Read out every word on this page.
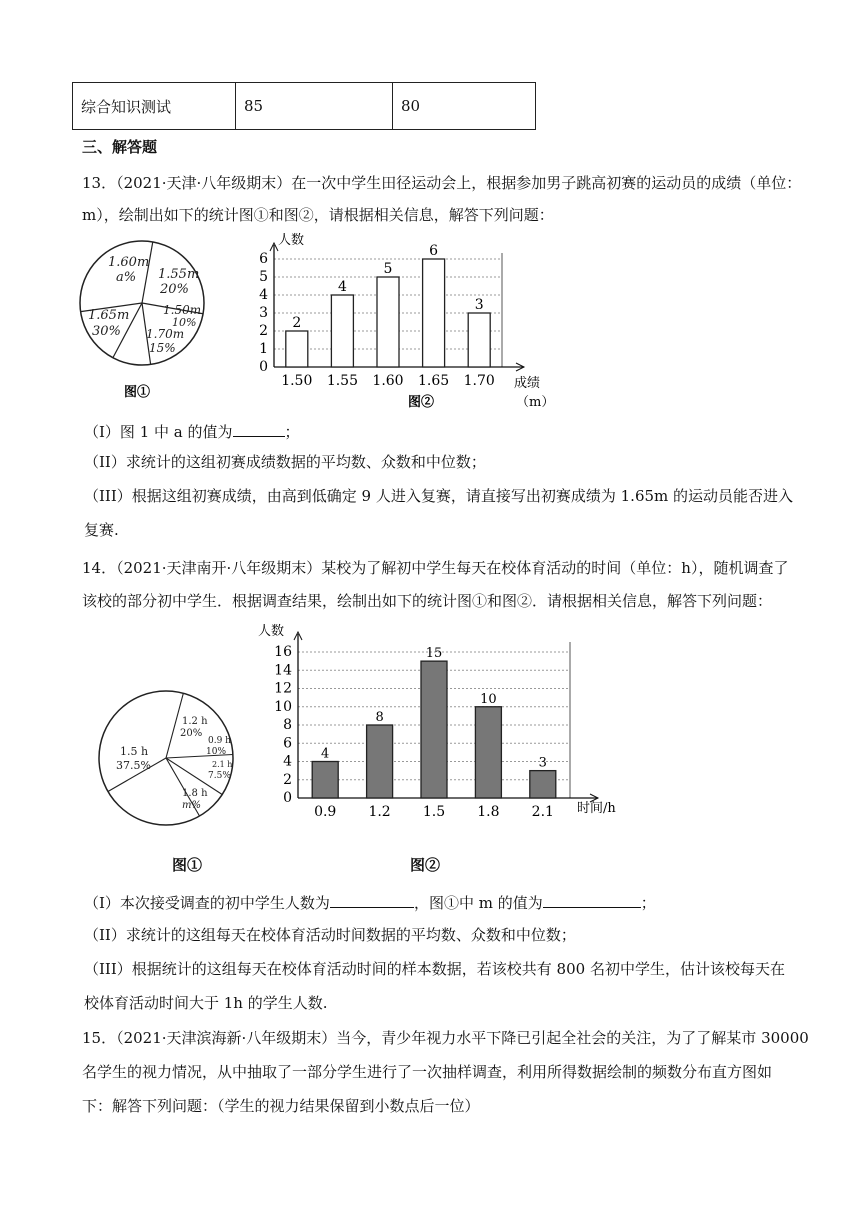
综合知识测试	85	80
三、解答题
13．（2021·天津·八年级期末）在一次中学生田径运动会上，根据参加男子跳高初赛的运动员的成绩（单位：
m），绘制出如下的统计图①和图②，请根据相关信息，解答下列问题：
1.60m
a% 1.55m
20%
1.50m
10%
1.70m
15%
1.65m
30%
图①
0
1
2
3
4
5
6
2
1.50
4
1.55
5
1.60
6
1.65
3
1.70
人数
成绩
（m）
图②
（I）图 1 中 a 的值为	；
（II）求统计的这组初赛成绩数据的平均数、众数和中位数；
（III）根据这组初赛成绩，由高到低确定 9 人进入复赛，请直接写出初赛成绩为 1.65m 的运动员能否进入
复赛.
14．（2021·天津南开·八年级期末）某校为了解初中学生每天在校体育活动的时间（单位：h），随机调查了
该校的部分初中学生．根据调查结果，绘制出如下的统计图①和图②．请根据相关信息，解答下列问题：
1.2 h
20%
0.9 h
10%
2.1 h
7.5%
1.8 h
m%
1.5 h
37.5%
图①
0
2
4
6
8
10
12
14
16
4
0.9
8
1.2
15
1.5
10
1.8
3
2.1
人数
时间/h
图②
（I）本次接受调查的初中学生人数为	，图①中 m 的值为	；
（II）求统计的这组每天在校体育活动时间数据的平均数、众数和中位数；
（III）根据统计的这组每天在校体育活动时间的样本数据，若该校共有 800 名初中学生，估计该校每天在
校体育活动时间大于 1h 的学生人数.
15．（2021·天津滨海新·八年级期末）当今，青少年视力水平下降已引起全社会的关注，为了了解某市 30000
名学生的视力情况，从中抽取了一部分学生进行了一次抽样调查，利用所得数据绘制的频数分布直方图如
下：解答下列问题：（学生的视力结果保留到小数点后一位）
